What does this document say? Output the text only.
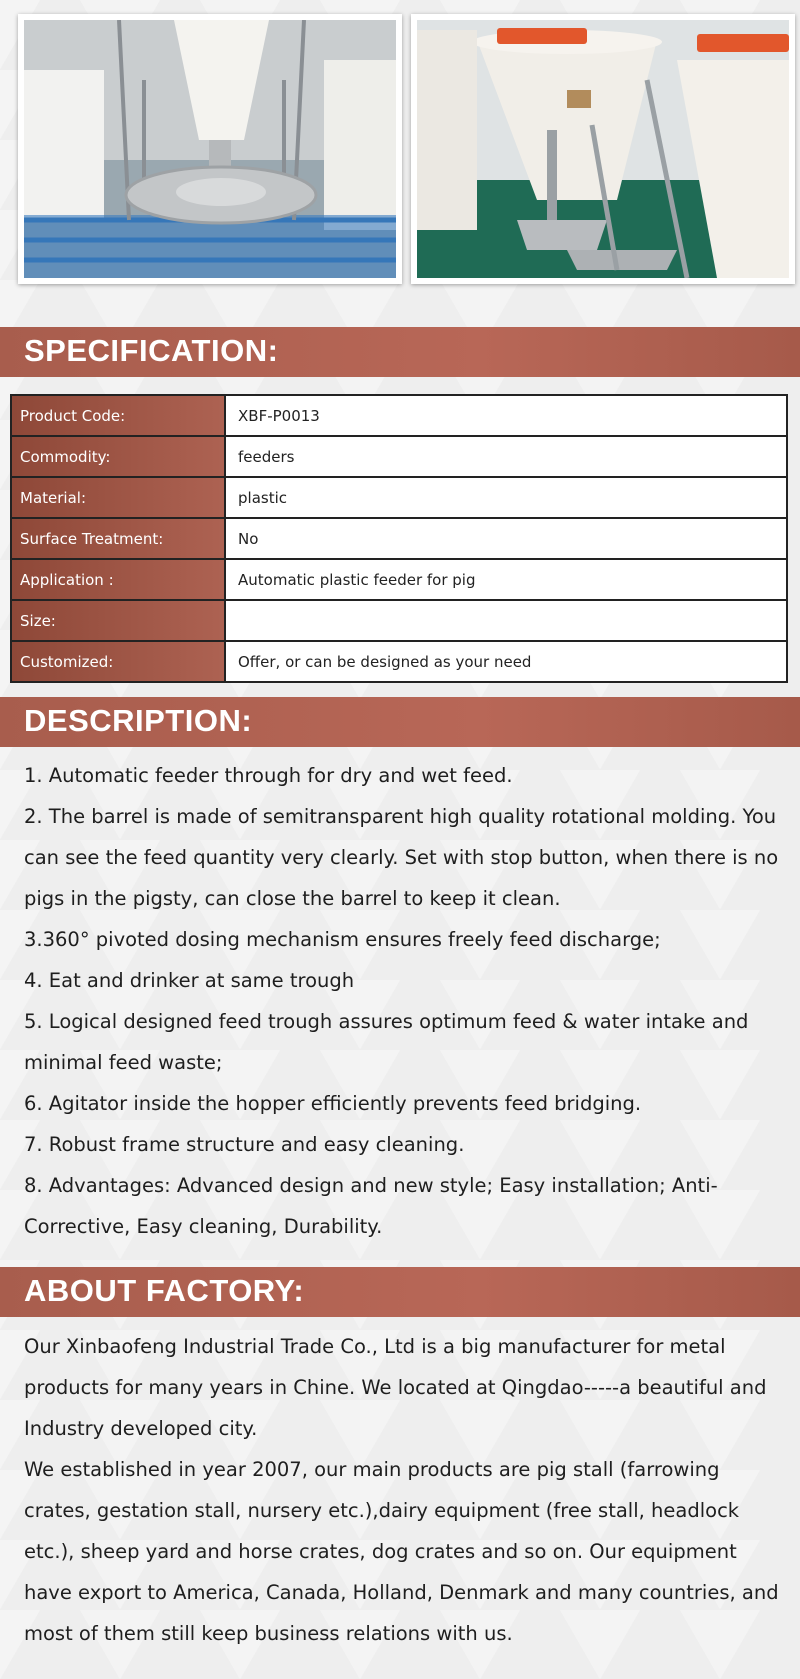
SPECIFICATION:
Product Code:	XBF-P0013
Commodity:	feeders
Material:	plastic
Surface Treatment:	No
Application :	Automatic plastic feeder for pig
Size:	
Customized:	Offer, or can be designed as your need
DESCRIPTION:

1. Automatic feeder through for dry and wet feed.

2. The barrel is made of semitransparent high quality rotational molding. You can see the feed quantity very clearly. Set with stop button, when there is no pigs in the pigsty, can close the barrel to keep it clean.

3.360° pivoted dosing mechanism ensures freely feed discharge;

4. Eat and drinker at same trough

5. Logical designed feed trough assures optimum feed & water intake and minimal feed waste;

6. Agitator inside the hopper efficiently prevents feed bridging.

7. Robust frame structure and easy cleaning.

8. Advantages: Advanced design and new style; Easy installation; Anti-Corrective, Easy cleaning, Durability.

ABOUT FACTORY:

Our Xinbaofeng Industrial Trade Co., Ltd is a big manufacturer for metal products for many years in Chine. We located at Qingdao-----a beautiful and Industry developed city.

We established in year 2007, our main products are pig stall (farrowing crates, gestation stall, nursery etc.),dairy equipment (free stall, headlock etc.), sheep yard and horse crates, dog crates and so on. Our equipment have export to America, Canada, Holland, Denmark and many countries, and most of them still keep business relations with us.
